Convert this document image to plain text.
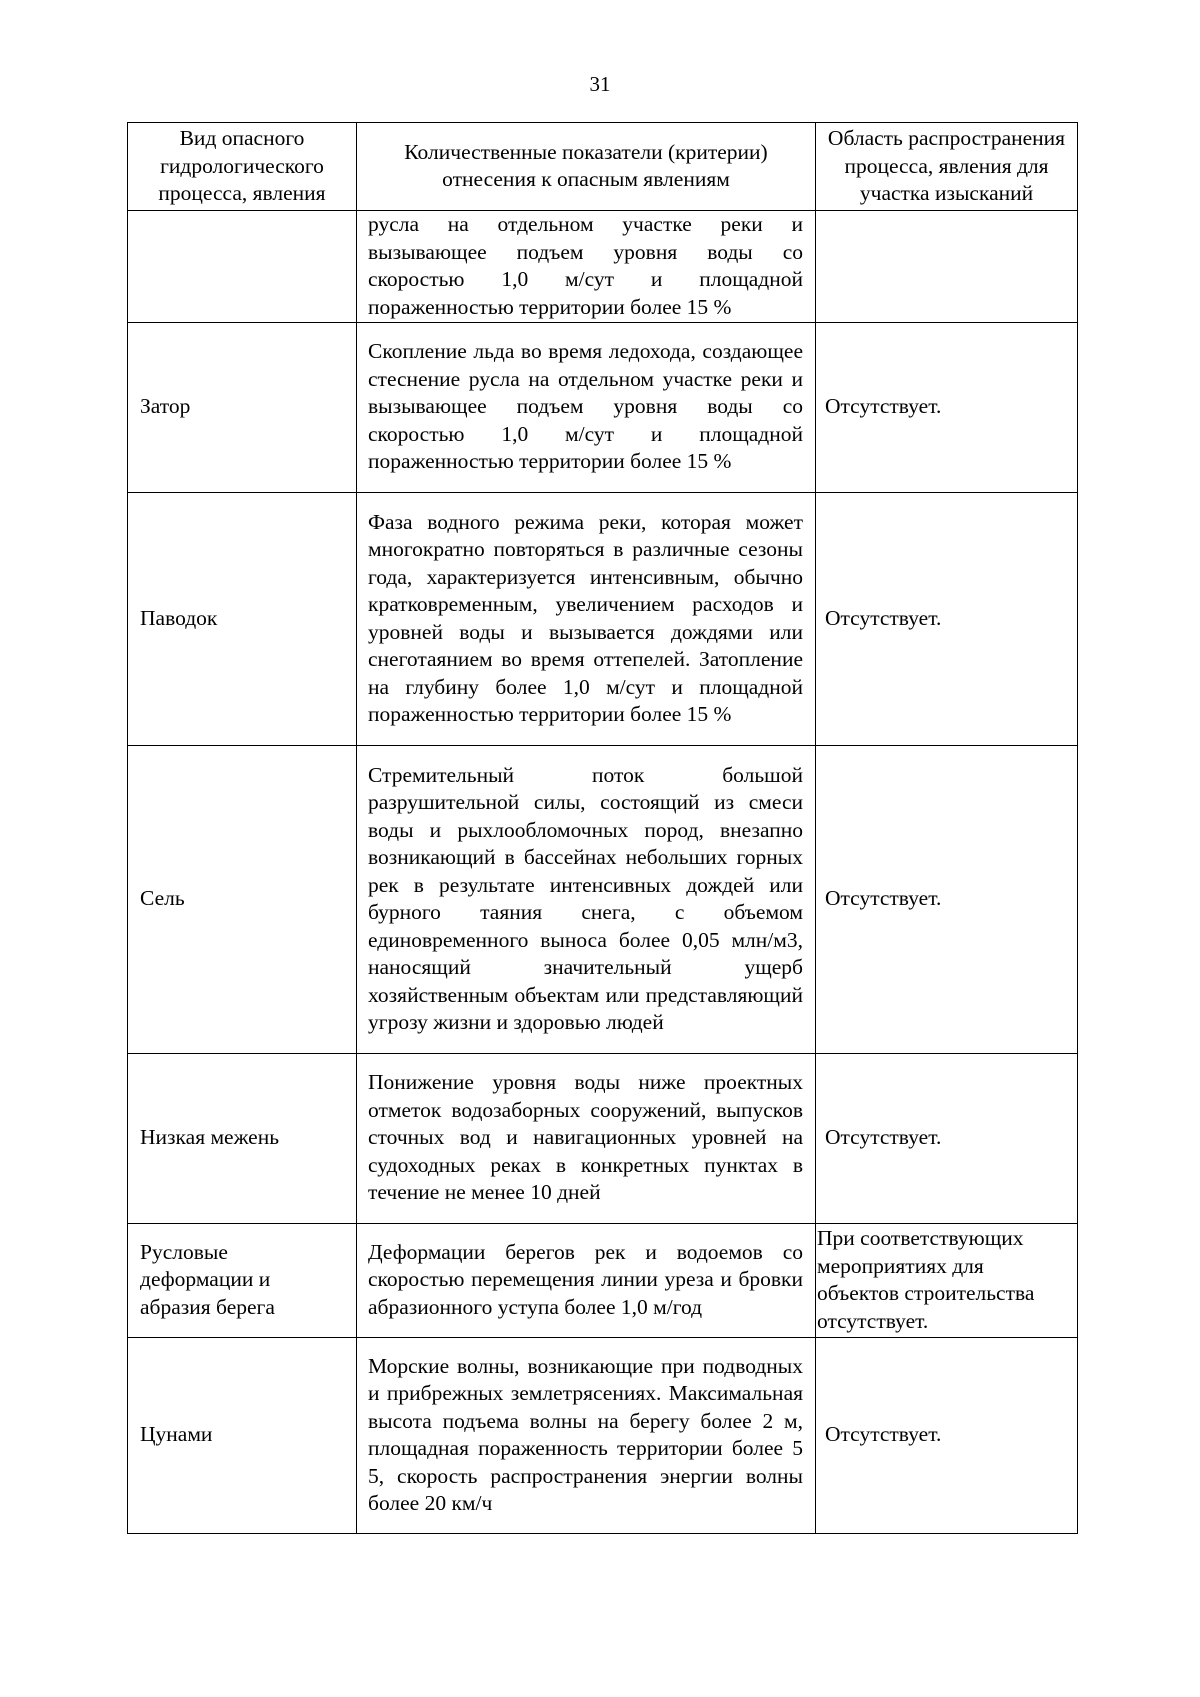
31
Вид опасного гидрологического процесса, явления	Количественные показатели (критерии) отнесения к опасным явлениям	Область распространения процесса, явления для участка изысканий
	русла на отдельном участке реки и вызывающее подъем уровня воды со скоростью 1,0 м/сут и площадной пораженностью территории более 15 %	
Затор	Скопление льда во время ледохода, создающее стеснение русла на отдельном участке реки и вызывающее подъем уровня воды со скоростью 1,0 м/сут и площадной пораженностью территории более 15 %	Отсутствует.
Паводок	Фаза водного режима реки, которая может многократно повторяться в различные сезоны года, характеризуется интенсивным, обычно кратковременным, увеличением расходов и уровней воды и вызывается дождями или снеготаянием во время оттепелей. Затопление на глубину более 1,0 м/сут и площадной пораженностью территории более 15 %	Отсутствует.
Сель	Стремительный поток большой разрушительной силы, состоящий из смеси воды и рыхлообломочных пород, внезапно возникающий в бассейнах небольших горных рек в результате интенсивных дождей или бурного таяния снега, с объемом единовременного выноса более 0,05 млн/м3, наносящий значительный ущерб хозяйственным объектам или представляющий угрозу жизни и здоровью людей	Отсутствует.
Низкая межень	Понижение уровня воды ниже проектных отметок водозаборных сооружений, выпусков сточных вод и навигационных уровней на судоходных реках в конкретных пунктах в течение не менее 10 дней	Отсутствует.
Русловые деформации и абразия берега	Деформации берегов рек и водоемов со скоростью перемещения линии уреза и бровки абразионного уступа более 1,0 м/год	При соответствующих мероприятиях для объектов строительства отсутствует.
Цунами	Морские волны, возникающие при подводных и прибрежных землетрясениях. Максимальная высота подъема волны на берегу более 2 м, площадная пораженность территории более 5 5, скорость распространения энергии волны более 20 км/ч	Отсутствует.
